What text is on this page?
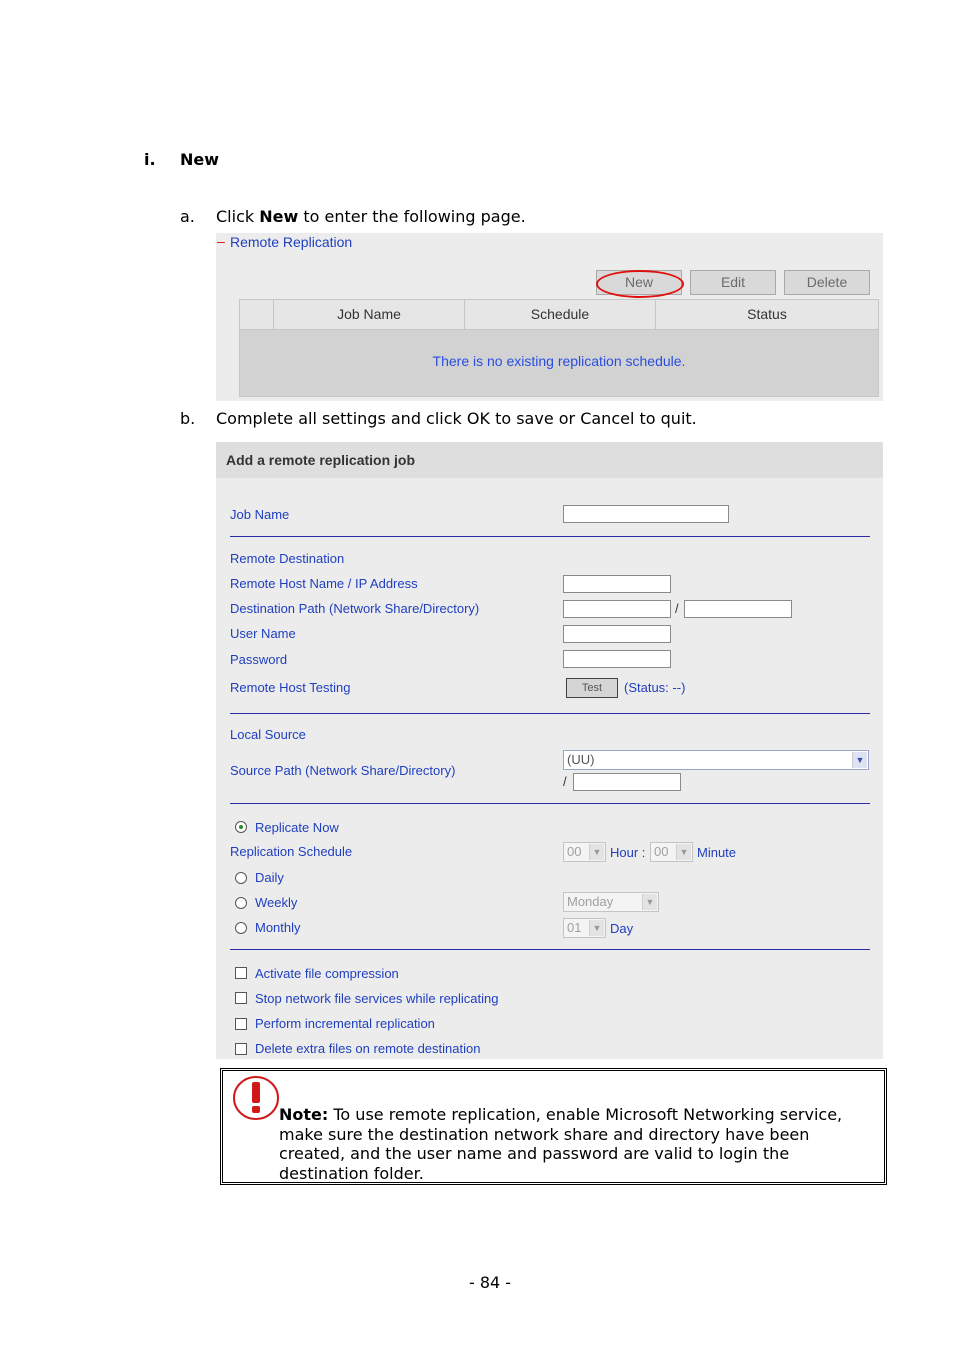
i. New
a. Click New to enter the following page.
– Remote Replication
New	Edit	Delete
Job Name	Schedule	Status
There is no existing replication schedule.
b. Complete all settings and click OK to save or Cancel to quit.
Add a remote replication job
Job Name
Remote Destination
Remote Host Name / IP Address
Destination Path (Network Share/Directory)	/
User Name
Password
Remote Host Testing	Test	(Status: --)
Local Source
Source Path (Network Share/Directory)
(UU)	▼
/
Replicate Now
Replication Schedule	00	▼ Hour : 00	▼ Minute
Daily
Weekly	Monday	▼
Monthly	01	▼ Day
Activate file compression
Stop network file services while replicating
Perform incremental replication
Delete extra files on remote destination
Note: To use remote replication, enable Microsoft Networking service, make sure the destination network share and directory have been created, and the user name and password are valid to login the destination folder.
- 84 -
